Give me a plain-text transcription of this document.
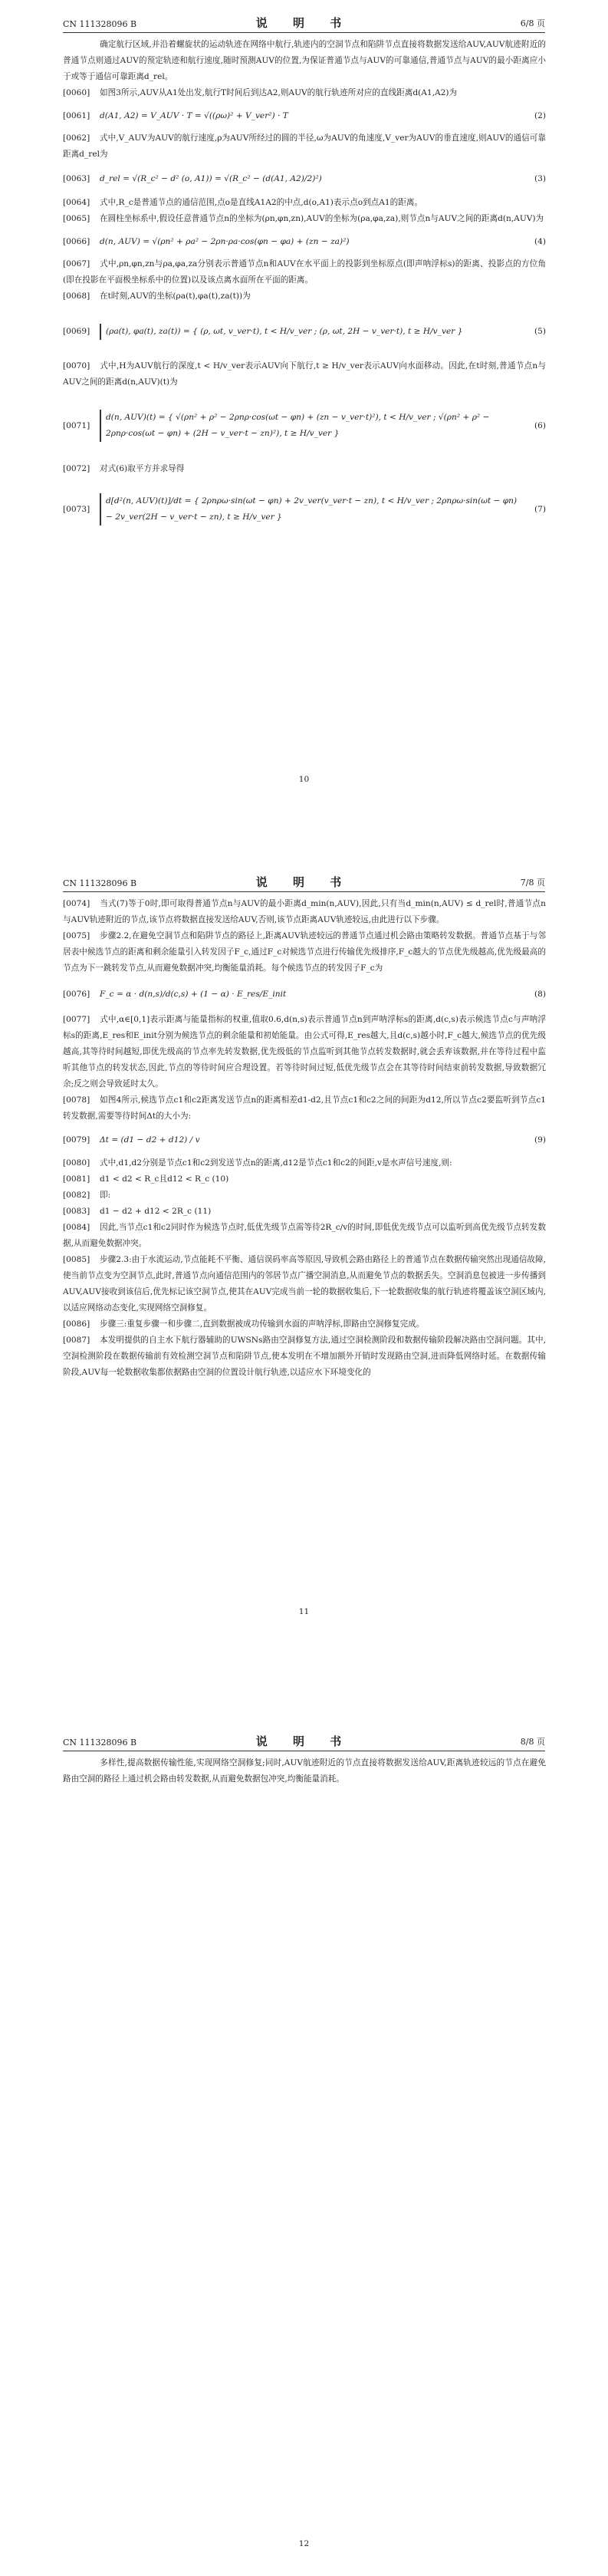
CN 111328096 B	说 明 书	6/8 页

确定航行区域,并沿着螺旋状的运动轨迹在网络中航行,轨迹内的空洞节点和陷阱节点直接将数据发送给AUV,AUV航迹附近的普通节点则通过AUV的预定轨迹和航行速度,随时预测AUV的位置,为保证普通节点与AUV的可靠通信,普通节点与AUV的最小距离应小于或等于通信可靠距离d_rel。

[0060] 如图3所示,AUV从A1处出发,航行T时间后到达A2,则AUV的航行轨迹所对应的直线距离d(A1,A2)为

[0061]	d(A1, A2) = V_AUV · T = √((ρω)² + V_ver²) · T	(2)

[0062] 式中,V_AUV为AUV的航行速度,ρ为AUV所经过的圆的半径,ω为AUV的角速度,V_ver为AUV的垂直速度,则AUV的通信可靠距离d_rel为

[0063]	d_rel = √(R_c² − d² (o, A1)) = √(R_c² − (d(A1, A2)/2)²)	(3)

[0064] 式中,R_c是普通节点的通信范围,点o是直线A1A2的中点,d(o,A1)表示点o到点A1的距离。

[0065] 在圆柱坐标系中,假设任意普通节点n的坐标为(ρn,φn,zn),AUV的坐标为(ρa,φa,za),则节点n与AUV之间的距离d(n,AUV)为

[0066]	d(n, AUV) = √(ρn² + ρa² − 2ρn·ρa·cos(φn − φa) + (zn − za)²)	(4)

[0067] 式中,ρn,φn,zn与ρa,φa,za分别表示普通节点n和AUV在水平面上的投影到坐标原点(即声呐浮标s)的距离、投影点的方位角(即在投影在平面极坐标系中的位置)以及该点离水面所在平面的距离。

[0068] 在t时刻,AUV的坐标(ρa(t),φa(t),za(t))为

[0069]	(ρa(t), φa(t), za(t)) = { (ρ, ωt, v_ver·t), t < H/v_ver ; (ρ, ωt, 2H − v_ver·t), t ≥ H/v_ver }	(5)

[0070] 式中,H为AUV航行的深度,t < H/v_ver表示AUV向下航行,t ≥ H/v_ver表示AUV向水面移动。因此,在t时刻,普通节点n与AUV之间的距离d(n,AUV)(t)为

[0071]
d(n, AUV)(t) = { √(ρn² + ρ² − 2ρnρ·cos(ωt − φn) + (zn − v_ver·t)²), t < H/v_ver ; √(ρn² + ρ² − 2ρnρ·cos(ωt − φn) + (2H − v_ver·t − zn)²), t ≥ H/v_ver }
(6)

[0072] 对式(6)取平方并求导得

[0073]
d[d²(n, AUV)(t)]/dt = { 2ρnρω·sin(ωt − φn) + 2v_ver(v_ver·t − zn), t < H/v_ver ; 2ρnρω·sin(ωt − φn) − 2v_ver(2H − v_ver·t − zn), t ≥ H/v_ver }
(7)
10
CN 111328096 B	说 明 书	7/8 页

[0074] 当式(7)等于0时,即可取得普通节点n与AUV的最小距离d_min(n,AUV),因此,只有当d_min(n,AUV) ≤ d_rel时,普通节点n与AUV轨迹附近的节点,该节点将数据直接发送给AUV,否则,该节点距离AUV轨迹较远,由此进行以下步骤。

[0075] 步骤2.2,在避免空洞节点和陷阱节点的路径上,距离AUV轨迹较远的普通节点通过机会路由策略转发数据。普通节点基于与邻居表中候选节点的距离和剩余能量引入转发因子F_c,通过F_c对候选节点进行传输优先级排序,F_c越大的节点优先级越高,优先级最高的节点为下一跳转发节点,从而避免数据冲突,均衡能量消耗。每个候选节点的转发因子F_c为

[0076]	F_c = α · d(n,s)/d(c,s) + (1 − α) · E_res/E_init	(8)

[0077] 式中,α∈[0,1]表示距离与能量指标的权重,值取0.6,d(n,s)表示普通节点n到声呐浮标s的距离,d(c,s)表示候选节点c与声呐浮标s的距离,E_res和E_init分别为候选节点的剩余能量和初始能量。由公式可得,E_res越大,且d(c,s)越小时,F_c越大,候选节点的优先级越高,其等待时间越短,即优先级高的节点率先转发数据,优先级低的节点监听到其他节点转发数据时,就会丢弃该数据,并在等待过程中监听其他节点的转发状态,因此,节点的等待时间应合理设置。若等待时间过短,低优先级节点会在其等待时间结束前转发数据,导致数据冗余;反之则会导致延时太久。

[0078] 如图4所示,候选节点c1和c2距离发送节点n的距离相差d1-d2,且节点c1和c2之间的间距为d12,所以节点c2要监听到节点c1转发数据,需要等待时间Δt的大小为:

[0079]	Δt = (d1 − d2 + d12) / v	(9)

[0080] 式中,d1,d2分别是节点c1和c2到发送节点n的距离,d12是节点c1和c2的间距,v是水声信号速度,则:

[0081] d1 < d2 < R_c且d12 < R_c (10)

[0082] 即:

[0083] d1 − d2 + d12 < 2R_c (11)

[0084] 因此,当节点c1和c2同时作为候选节点时,低优先级节点需等待2R_c/v的时间,即低优先级节点可以监听到高优先级节点转发数据,从而避免数据冲突。

[0085] 步骤2.3:由于水流运动,节点能耗不平衡、通信误码率高等原因,导致机会路由路径上的普通节点在数据传输突然出现通信故障,使当前节点变为空洞节点,此时,普通节点向通信范围内的邻居节点广播空洞消息,从而避免节点的数据丢失。空洞消息包被进一步传播到AUV,AUV接收到该信后,优先标记该空洞节点,使其在AUV完成当前一轮的数据收集后,下一轮数据收集的航行轨迹将覆盖该空洞区域内,以适应网络动态变化,实现网络空洞修复。

[0086] 步骤三:重复步骤一和步骤二,直到数据被成功传输到水面的声呐浮标,即路由空洞修复完成。

[0087] 本发明提供的自主水下航行器辅助的UWSNs路由空洞修复方法,通过空洞检测阶段和数据传输阶段解决路由空洞问题。其中,空洞检测阶段在数据传输前有效检测空洞节点和陷阱节点,使本发明在不增加额外开销时发现路由空洞,进而降低网络时延。在数据传输阶段,AUV每一轮数据收集都依据路由空洞的位置设计航行轨迹,以适应水下环境变化的

11
CN 111328096 B	说 明 书	8/8 页

多样性,提高数据传输性能,实现网络空洞修复;同时,AUV航迹附近的节点直接将数据发送给AUV,距离轨迹较远的节点在避免路由空洞的路径上通过机会路由转发数据,从而避免数据包冲突,均衡能量消耗。

12
